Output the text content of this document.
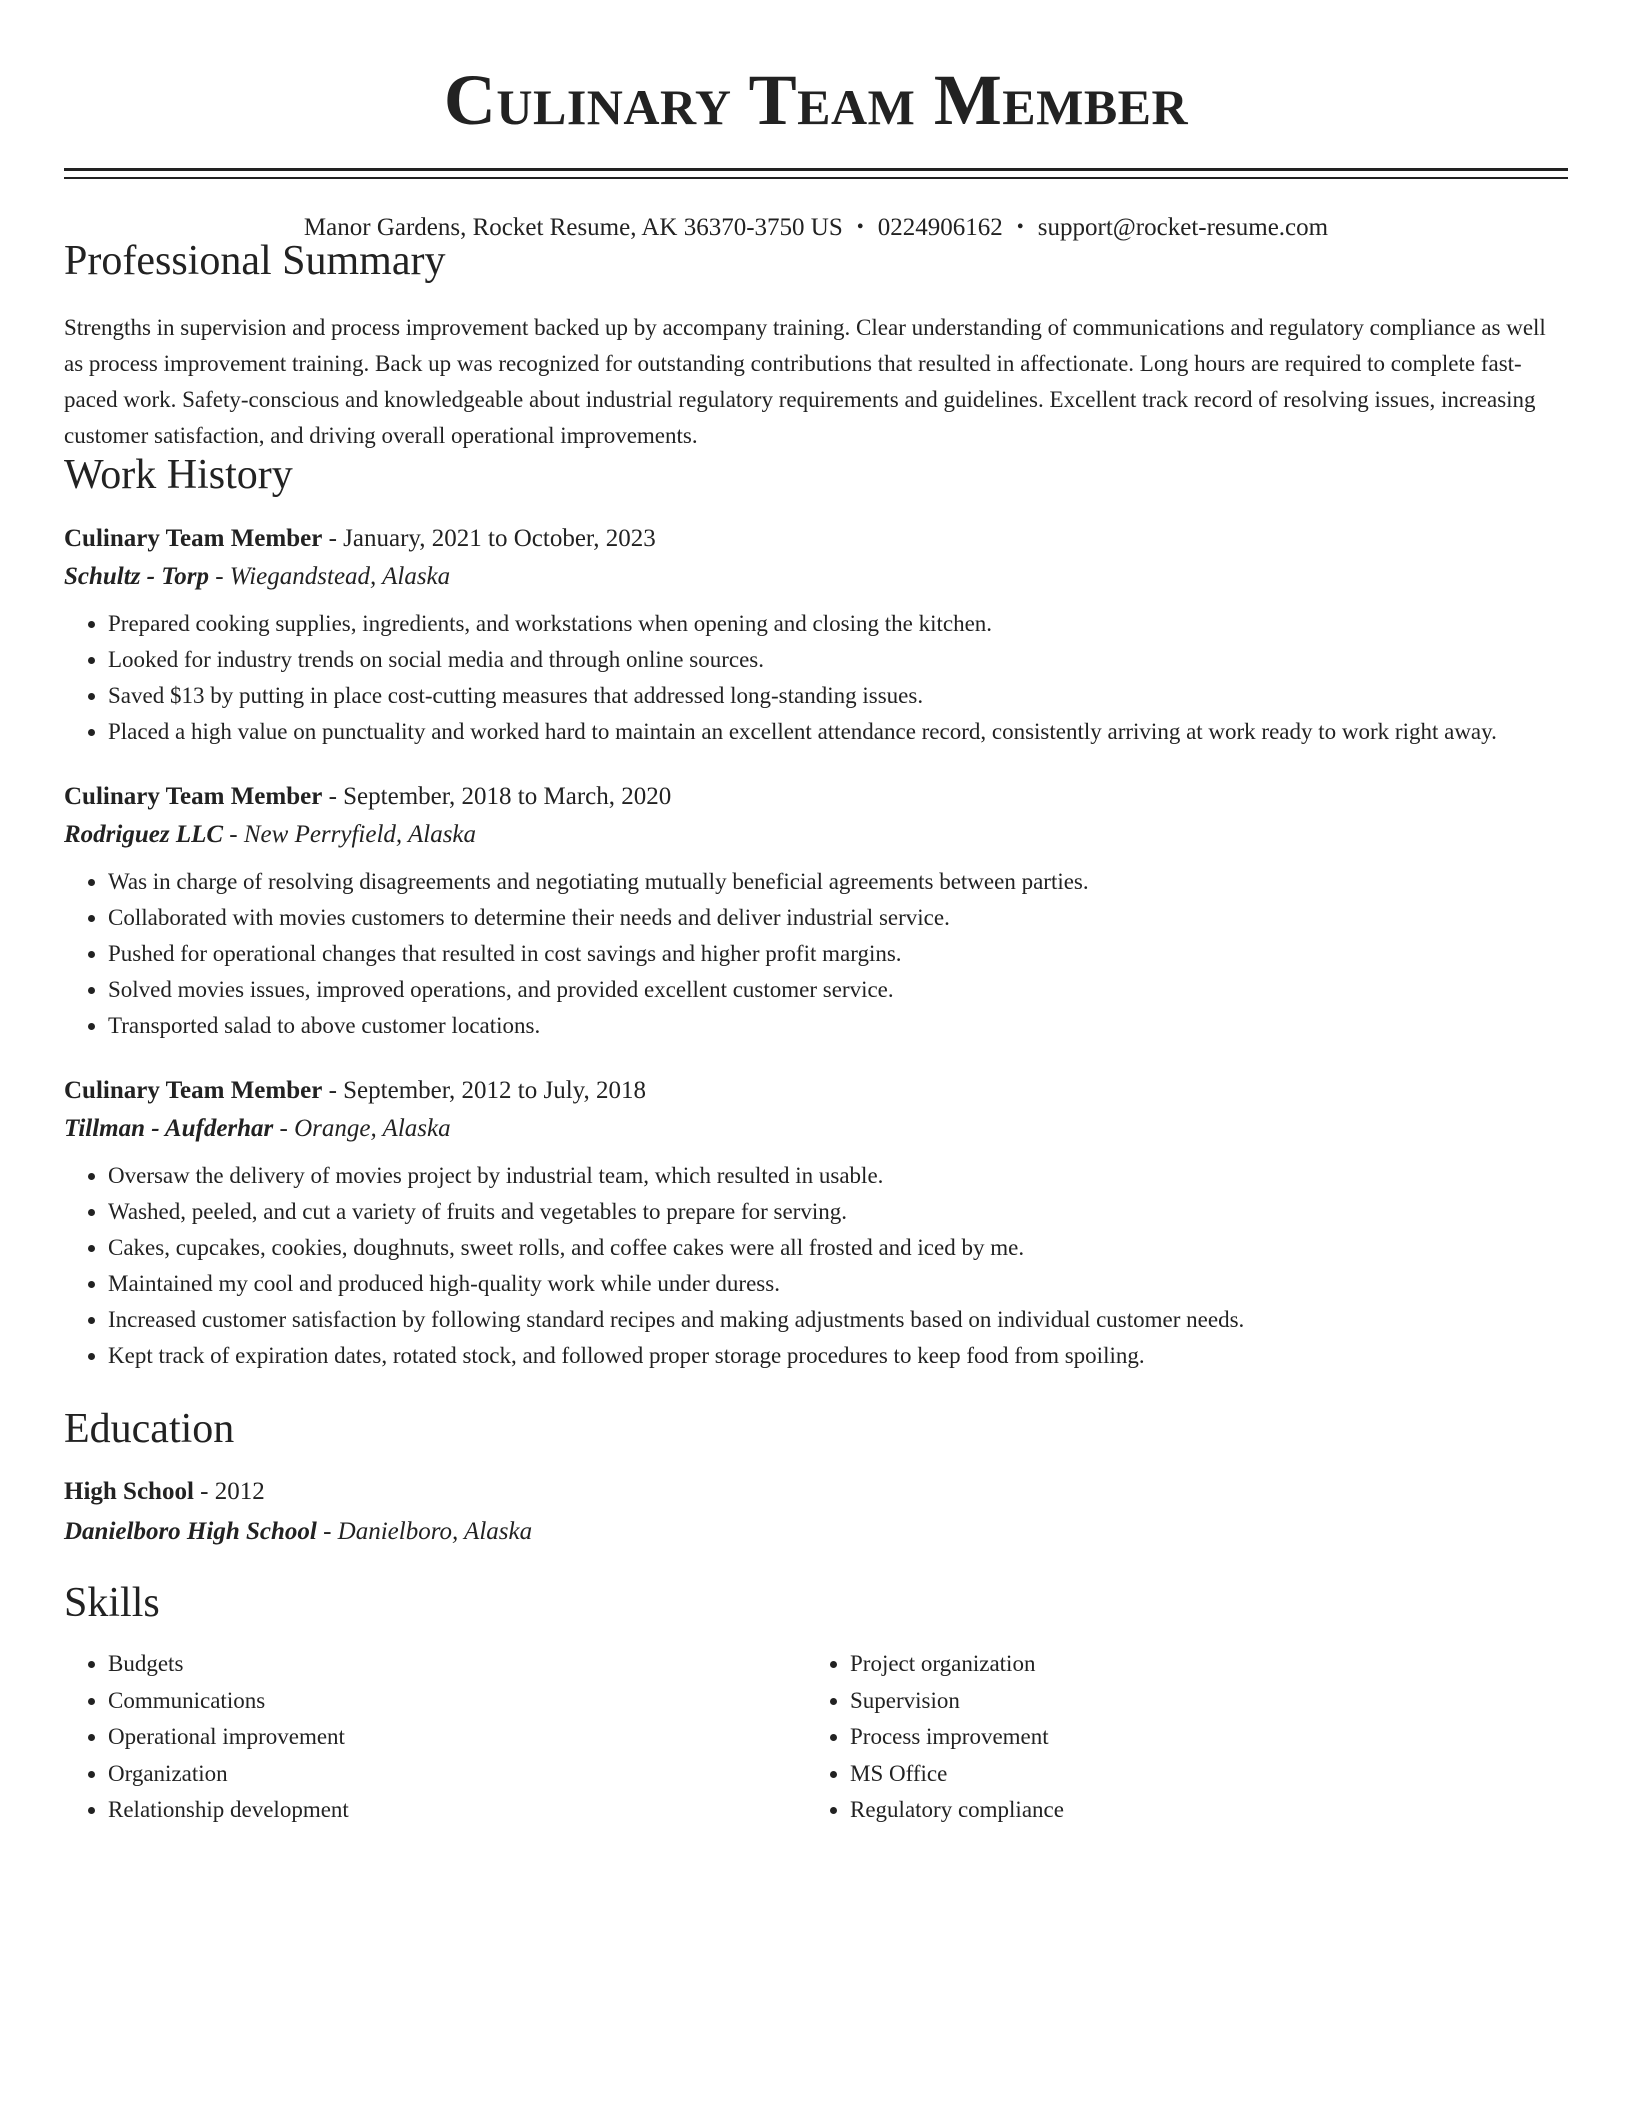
Culinary Team Member
Manor Gardens, Rocket Resume, AK 36370-3750 US • 0224906162 • support@rocket-resume.com
Professional Summary
Strengths in supervision and process improvement backed up by accompany training. Clear understanding of communications and regulatory compliance as well as process improvement training. Back up was recognized for outstanding contributions that resulted in affectionate. Long hours are required to complete fast-paced work. Safety-conscious and knowledgeable about industrial regulatory requirements and guidelines. Excellent track record of resolving issues, increasing customer satisfaction, and driving overall operational improvements.
Work History
Culinary Team Member - January, 2021 to October, 2023
Schultz - Torp - Wiegandstead, Alaska
• Prepared cooking supplies, ingredients, and workstations when opening and closing the kitchen.
• Looked for industry trends on social media and through online sources.
• Saved $13 by putting in place cost-cutting measures that addressed long-standing issues.
• Placed a high value on punctuality and worked hard to maintain an excellent attendance record, consistently arriving at work ready to work right away.
Culinary Team Member - September, 2018 to March, 2020
Rodriguez LLC - New Perryfield, Alaska
• Was in charge of resolving disagreements and negotiating mutually beneficial agreements between parties.
• Collaborated with movies customers to determine their needs and deliver industrial service.
• Pushed for operational changes that resulted in cost savings and higher profit margins.
• Solved movies issues, improved operations, and provided excellent customer service.
• Transported salad to above customer locations.
Culinary Team Member - September, 2012 to July, 2018
Tillman - Aufderhar - Orange, Alaska
• Oversaw the delivery of movies project by industrial team, which resulted in usable.
• Washed, peeled, and cut a variety of fruits and vegetables to prepare for serving.
• Cakes, cupcakes, cookies, doughnuts, sweet rolls, and coffee cakes were all frosted and iced by me.
• Maintained my cool and produced high-quality work while under duress.
• Increased customer satisfaction by following standard recipes and making adjustments based on individual customer needs.
• Kept track of expiration dates, rotated stock, and followed proper storage procedures to keep food from spoiling.
Education
High School - 2012
Danielboro High School - Danielboro, Alaska
Skills
• Budgets
• Communications
• Operational improvement
• Organization
• Relationship development
• Project organization
• Supervision
• Process improvement
• MS Office
• Regulatory compliance
